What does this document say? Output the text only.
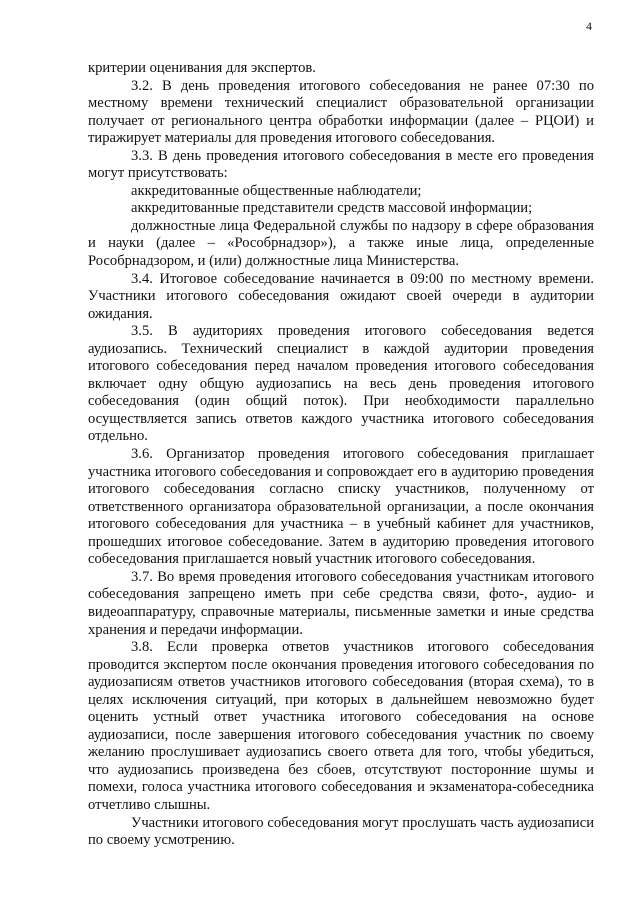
4

критерии оценивания для экспертов.

3.2. В день проведения итогового собеседования не ранее 07:30 по местному времени технический специалист образовательной организации получает от регионального центра обработки информации (далее – РЦОИ) и тиражирует материалы для проведения итогового собеседования.

3.3. В день проведения итогового собеседования в месте его проведения могут присутствовать:

аккредитованные общественные наблюдатели;

аккредитованные представители средств массовой информации;

должностные лица Федеральной службы по надзору в сфере образования и науки (далее – «Рособрнадзор»), а также иные лица, определенные Рособрнадзором, и (или) должностные лица Министерства.

3.4. Итоговое собеседование начинается в 09:00 по местному времени. Участники итогового собеседования ожидают своей очереди в аудитории ожидания.

3.5. В аудиториях проведения итогового собеседования ведется аудиозапись. Технический специалист в каждой аудитории проведения итогового собеседования перед началом проведения итогового собеседования включает одну общую аудиозапись на весь день проведения итогового собеседования (один общий поток). При необходимости параллельно осуществляется запись ответов каждого участника итогового собеседования отдельно.

3.6. Организатор проведения итогового собеседования приглашает участника итогового собеседования и сопровождает его в аудиторию проведения итогового собеседования согласно списку участников, полученному от ответственного организатора образовательной организации, а после окончания итогового собеседования для участника – в учебный кабинет для участников, прошедших итоговое собеседование. Затем в аудиторию проведения итогового собеседования приглашается новый участник итогового собеседования.

3.7. Во время проведения итогового собеседования участникам итогового собеседования запрещено иметь при себе средства связи, фото-, аудио- и видеоаппаратуру, справочные материалы, письменные заметки и иные средства хранения и передачи информации.

3.8. Если проверка ответов участников итогового собеседования проводится экспертом после окончания проведения итогового собеседования по аудиозаписям ответов участников итогового собеседования (вторая схема), то в целях исключения ситуаций, при которых в дальнейшем невозможно будет оценить устный ответ участника итогового собеседования на основе аудиозаписи, после завершения итогового собеседования участник по своему желанию прослушивает аудиозапись своего ответа для того, чтобы убедиться, что аудиозапись произведена без сбоев, отсутствуют посторонние шумы и помехи, голоса участника итогового собеседования и экзаменатора-собеседника отчетливо слышны.

Участники итогового собеседования могут прослушать часть аудиозаписи по своему усмотрению.
